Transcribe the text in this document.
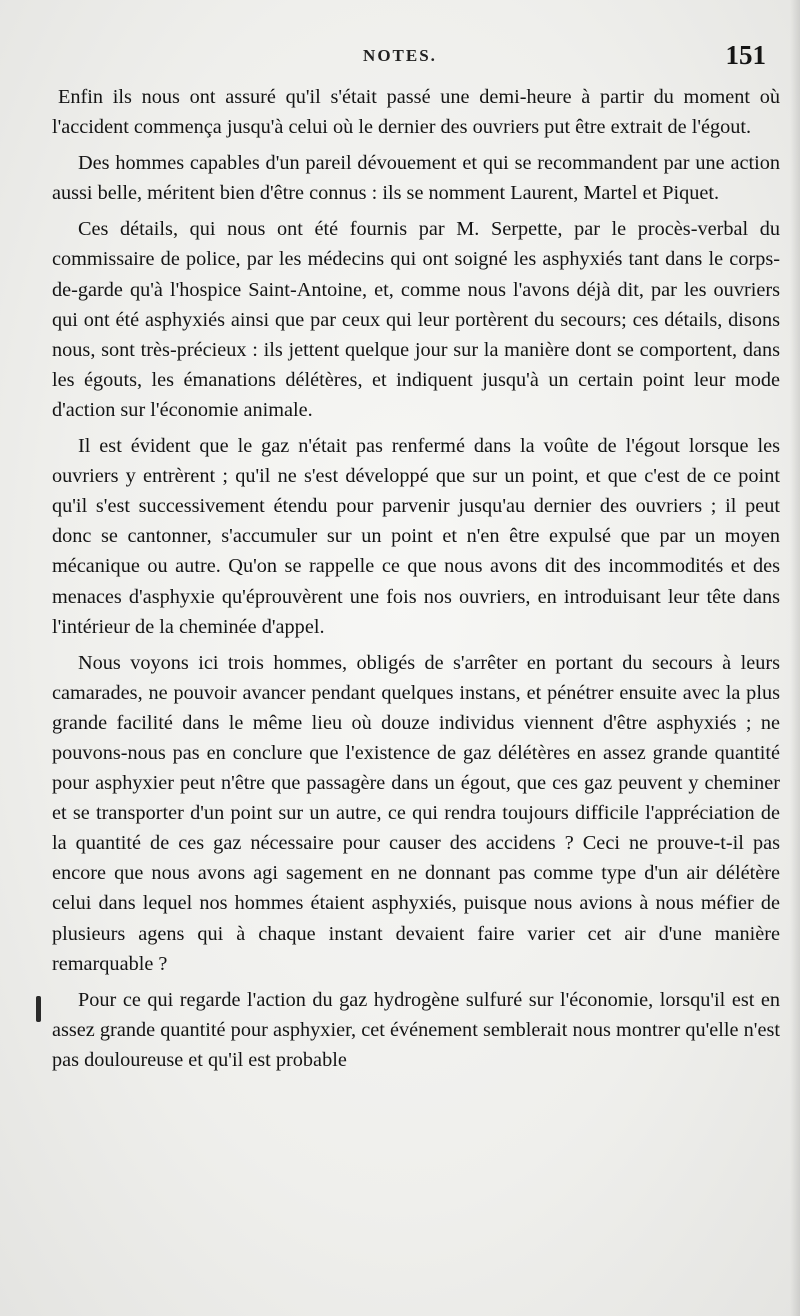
NOTES.	151

Enfin ils nous ont assuré qu'il s'était passé une demi-heure à partir du moment où l'accident commença jusqu'à celui où le dernier des ouvriers put être extrait de l'égout.

Des hommes capables d'un pareil dévouement et qui se recommandent par une action aussi belle, méritent bien d'être connus : ils se nomment Laurent, Martel et Piquet.

Ces détails, qui nous ont été fournis par M. Serpette, par le procès-verbal du commissaire de police, par les médecins qui ont soigné les asphyxiés tant dans le corps-de-garde qu'à l'hospice Saint-Antoine, et, comme nous l'avons déjà dit, par les ouvriers qui ont été asphyxiés ainsi que par ceux qui leur portèrent du secours; ces détails, disons nous, sont très-précieux : ils jettent quelque jour sur la manière dont se comportent, dans les égouts, les émanations délétères, et indiquent jusqu'à un certain point leur mode d'action sur l'économie animale.

Il est évident que le gaz n'était pas renfermé dans la voûte de l'égout lorsque les ouvriers y entrèrent ; qu'il ne s'est développé que sur un point, et que c'est de ce point qu'il s'est successivement étendu pour parvenir jusqu'au dernier des ouvriers ; il peut donc se cantonner, s'accumuler sur un point et n'en être expulsé que par un moyen mécanique ou autre. Qu'on se rappelle ce que nous avons dit des incommodités et des menaces d'asphyxie qu'éprouvèrent une fois nos ouvriers, en introduisant leur tête dans l'intérieur de la cheminée d'appel.

Nous voyons ici trois hommes, obligés de s'arrêter en portant du secours à leurs camarades, ne pouvoir avancer pendant quelques instans, et pénétrer ensuite avec la plus grande facilité dans le même lieu où douze individus viennent d'être asphyxiés ; ne pouvons-nous pas en conclure que l'existence de gaz délétères en assez grande quantité pour asphyxier peut n'être que passagère dans un égout, que ces gaz peuvent y cheminer et se transporter d'un point sur un autre, ce qui rendra toujours difficile l'appréciation de la quantité de ces gaz nécessaire pour causer des accidens ? Ceci ne prouve-t-il pas encore que nous avons agi sagement en ne donnant pas comme type d'un air délétère celui dans lequel nos hommes étaient asphyxiés, puisque nous avions à nous méfier de plusieurs agens qui à chaque instant devaient faire varier cet air d'une manière remarquable ?

Pour ce qui regarde l'action du gaz hydrogène sulfuré sur l'économie, lorsqu'il est en assez grande quantité pour asphyxier, cet événement semblerait nous montrer qu'elle n'est pas douloureuse et qu'il est probable
